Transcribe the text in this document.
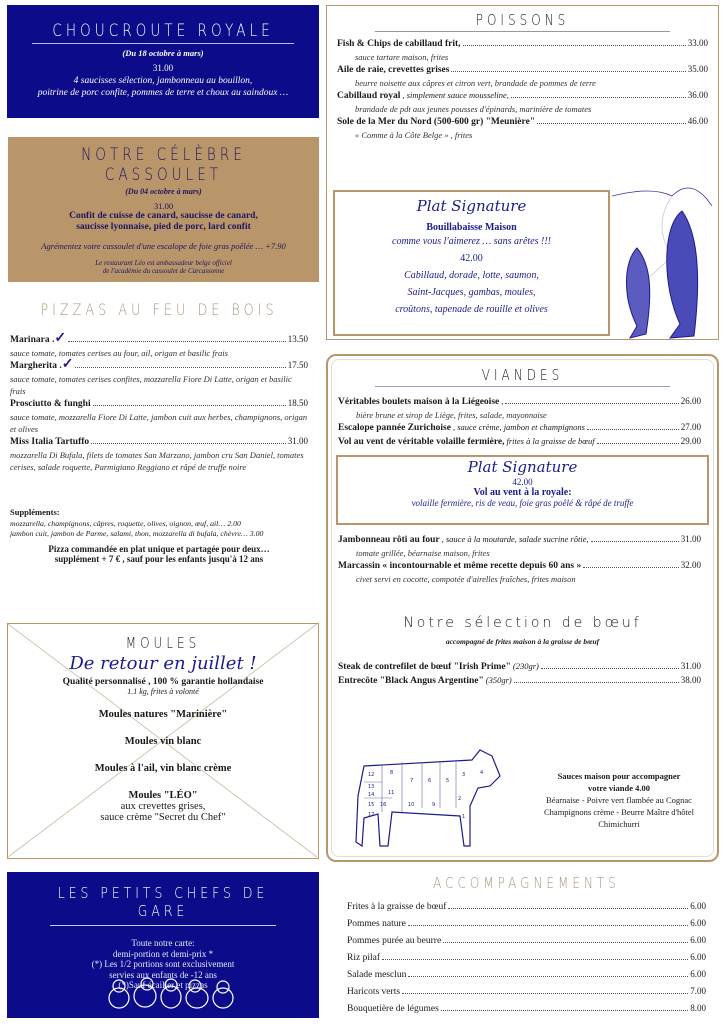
CHOUCROUTE ROYALE
(Du 18 octobre à mars)
31.00
4 saucisses sélection, jambonneau au bouillon,
poitrine de porc confite, pommes de terre et choux au saindoux …
NOTRE CÉLÈBRE CASSOULET
(Du 04 octobre à mars)
31.00
Confit de cuisse de canard, saucisse de canard,
saucisse lyonnaise, pied de porc, lard confit
Agrémentez votre cassoulet d'une escalope de foie gras poêlée … +7.90
Le restaurant Léo est ambassadeur belge officiel
de l'académie du cassoulet de Carcassonne
PIZZAS AU FEU DE BOIS
Marinara . ✓	13.50
sauce tomate, tomates cerises au four, ail, origan et basilic frais
Margherita . ✓	17.50
sauce tomate, tomates cerises confites, mozzarella Fiore Di Latte, origan et basilic frais
Prosciutto & funghi	18.50
sauce tomate, mozzarella Fiore Di Latte, jambon cuit aux herbes, champignons, origan et olives
Miss Italia Tartuffo	31.00
mozzarella Di Bufala, filets de tomates San Marzano, jambon cru San Daniel, tomates cerises, salade roquette, Parmigiano Reggiano et râpé de truffe noire
Suppléments:
mozzarella, champignons, câpres, roquette, olives, oignon, œuf, ail… 2.00
jambon cuit, jambon de Parme, salami, thon, mozzarella di bufala, chèvre… 3.00
Pizza commandée en plat unique et partagée pour deux…
supplément + 7 € , sauf pour les enfants jusqu'à 12 ans
MOULES
De retour en juillet !
Qualité personnalisé , 100 % garantie hollandaise
1.1 kg, frites à volonté
Moules natures "Marinière"
Moules vin blanc
Moules à l'ail, vin blanc crème
Moules "LÉO"
aux crevettes grises,
sauce crème "Secret du Chef"
LES PETITS CHEFS DE GARE
Toute notre carte:
demi-portion et demi-prix *
(*) Les 1/2 portions sont exclusivement
servies aux enfants de -12 ans
(*)Sauf écailler et pizzas
POISSONS
Fish & Chips de cabillaud frit,	33.00
sauce tartare maison, frites
Aile de raie, crevettes grises	35.00
beurre noisette aux câpres et citron vert, brandade de pommes de terre
Cabillaud royal , simplement sauce mousseline,	36.00
brandade de pdt aux jeunes pousses d'épinards, marinière de tomates
Sole de la Mer du Nord (500-600 gr) "Meunière"	46.00
« Comme à la Côte Belge » , frites
Plat Signature
Bouillabaisse Maison
comme vous l'aimerez … sans arêtes !!!
42.00
Cabillaud, dorade, lotte, saumon,
Saint-Jacques, gambas, moules,
croûtons, tapenade de rouille et olives
VIANDES
Véritables boulets maison à la Liégeoise ,	26.00
bière brune et sirop de Liège, frites, salade, mayonnaise
Escalope pannée Zurichoise , sauce crème, jambon et champignons	27.00
Vol au vent de véritable volaille fermière, frites à la graisse de bœuf	29.00
Plat Signature
42.00
Vol au vent à la royale:
volaille fermière, ris de veau, foie gras poêlé & râpé de truffe
Jambonneau rôti au four , sauce à la moutarde, salade sucrine rôtie,	31.00
tomate grillée, béarnaise maison, frites
Marcassin « incontournable et même recette depuis 60 ans »	32.00
civet servi en cocotte, compotée d'airelles fraîches, frites maison
Notre sélection de bœuf
accompagné de frites maison à la graisse de bœuf
Steak de contrefilet de bœuf "Irish Prime" (230gr)	31.00
Entrecôte "Black Angus Argentine" (350gr)	38.00
12	8
7	6	5
3	4
13
11
14
15 16	10	9
2
1
17
Sauces maison pour accompagner
votre viande 4.00
Béarnaise - Poivre vert flambée au Cognac
Champignons crème - Beurre Maître d'hôtel
Chimichurri
ACCOMPAGNEMENTS
Frites à la graisse de bœuf	6.00
Pommes nature	6.00
Pommes purée au beurre	6.00
Riz pilaf	6.00
Salade mesclun	6.00
Haricots verts	7.00
Bouquetière de légumes	8.00
